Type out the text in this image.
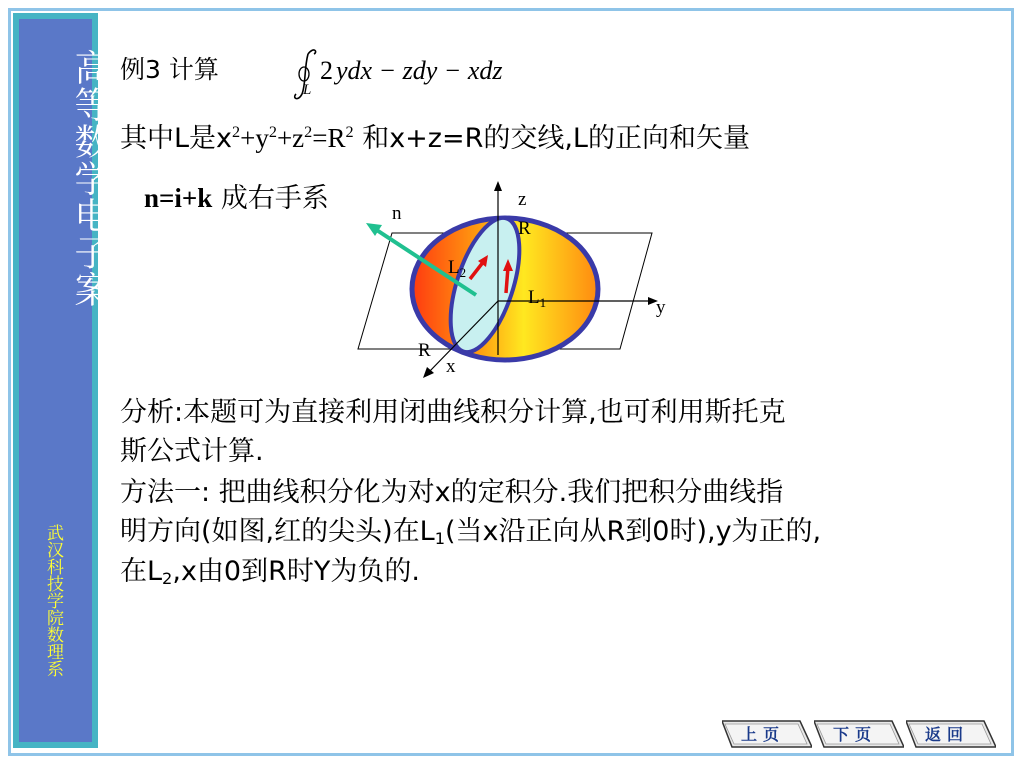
高等数学电子案
武汉科技学院数理系
例3 计算
L
2 ydx − zdy − xdz
其中L是$x^2+y^2+z^2=R^2$ 和x+z=R的交线,L的正向和矢量
n=i+k 成右手系	n
z
R
$L_2$
$L_1$	y
R
x
分析:本题可为直接利用闭曲线积分计算,也可利用斯托克
斯公式计算.
方法一: 把曲线积分化为对x的定积分.我们把积分曲线指
明方向(如图,红的尖头)在$L_1$(当x沿正向从R到0时),y为正的,
在$L_2,x$由0到R时Y为负的.
上页	下页	返回
